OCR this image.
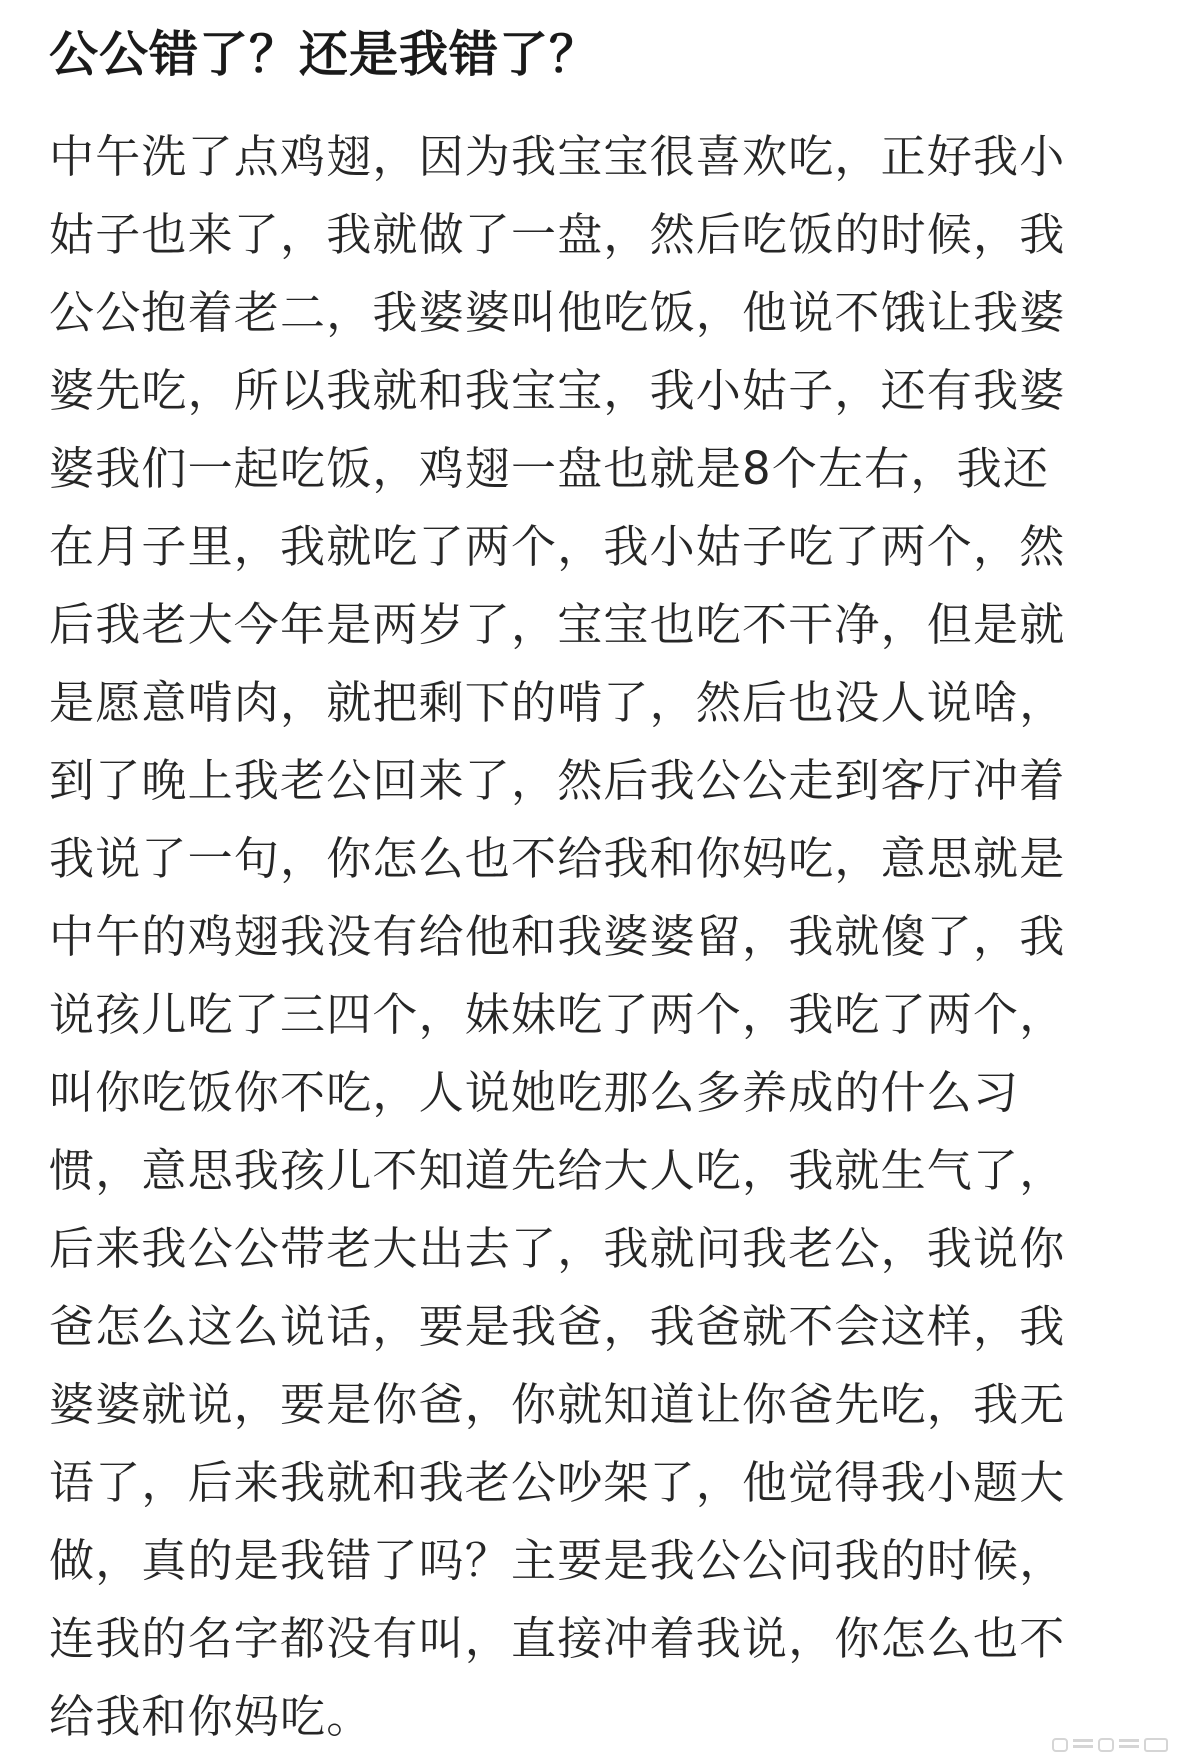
公公错了？还是我错了？
中午洗了点鸡翅，因为我宝宝很喜欢吃，正好我小
姑子也来了，我就做了一盘，然后吃饭的时候，我
公公抱着老二，我婆婆叫他吃饭，他说不饿让我婆
婆先吃，所以我就和我宝宝，我小姑子，还有我婆
婆我们一起吃饭，鸡翅一盘也就是8个左右，我还
在月子里，我就吃了两个，我小姑子吃了两个，然
后我老大今年是两岁了，宝宝也吃不干净，但是就
是愿意啃肉，就把剩下的啃了，然后也没人说啥，
到了晚上我老公回来了，然后我公公走到客厅冲着
我说了一句，你怎么也不给我和你妈吃，意思就是
中午的鸡翅我没有给他和我婆婆留，我就傻了，我
说孩儿吃了三四个，妹妹吃了两个，我吃了两个，
叫你吃饭你不吃，人说她吃那么多养成的什么习
惯，意思我孩儿不知道先给大人吃，我就生气了，
后来我公公带老大出去了，我就问我老公，我说你
爸怎么这么说话，要是我爸，我爸就不会这样，我
婆婆就说，要是你爸，你就知道让你爸先吃，我无
语了，后来我就和我老公吵架了，他觉得我小题大
做，真的是我错了吗？主要是我公公问我的时候，
连我的名字都没有叫，直接冲着我说，你怎么也不
给我和你妈吃。
